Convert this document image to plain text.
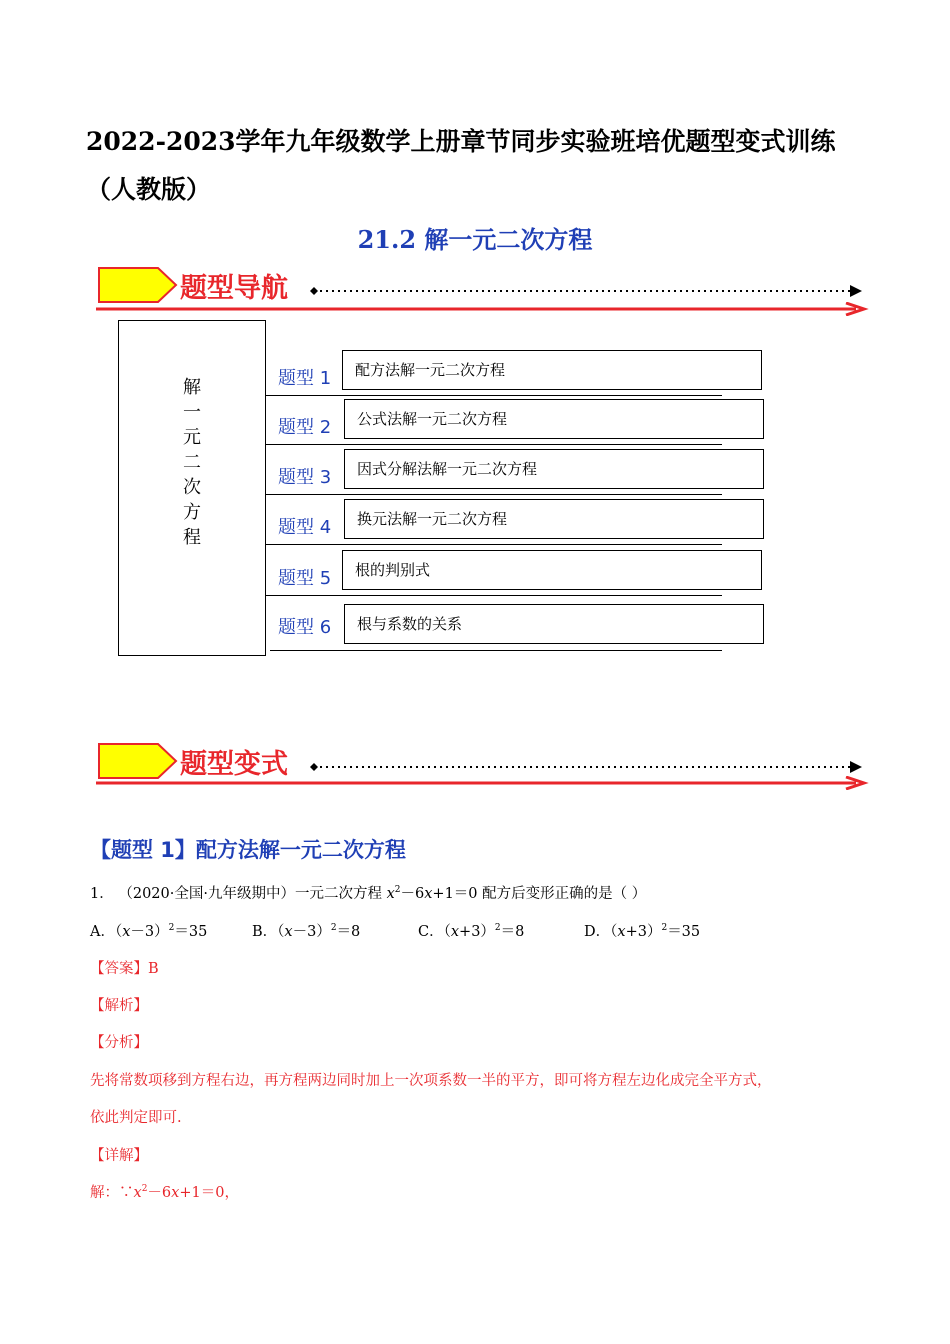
2022-2023学年九年级数学上册章节同步实验班培优题型变式训练（人教版）
21.2 解一元二次方程
题型导航
解一元二次方程
题型 1	配方法解一元二次方程
题型 2	公式法解一元二次方程
题型 3	因式分解法解一元二次方程
题型 4	换元法解一元二次方程
题型 5	根的判别式
题型 6	根与系数的关系
题型变式
【题型 1】配方法解一元二次方程
1． （2020·全国·九年级期中）一元二次方程 $x^2-6x+1=0$ 配方后变形正确的是（ ）
A．$(x-3)^2=35$	B．$(x-3)^2=8$	C．$(x+3)^2=8$	D．$(x+3)^2=35$
【答案】B
【解析】
【分析】
先将常数项移到方程右边，再方程两边同时加上一次项系数一半的平方，即可将方程左边化成完全平方式，
依此判定即可.
【详解】
解：$\because x^2-6x+1=0$，
